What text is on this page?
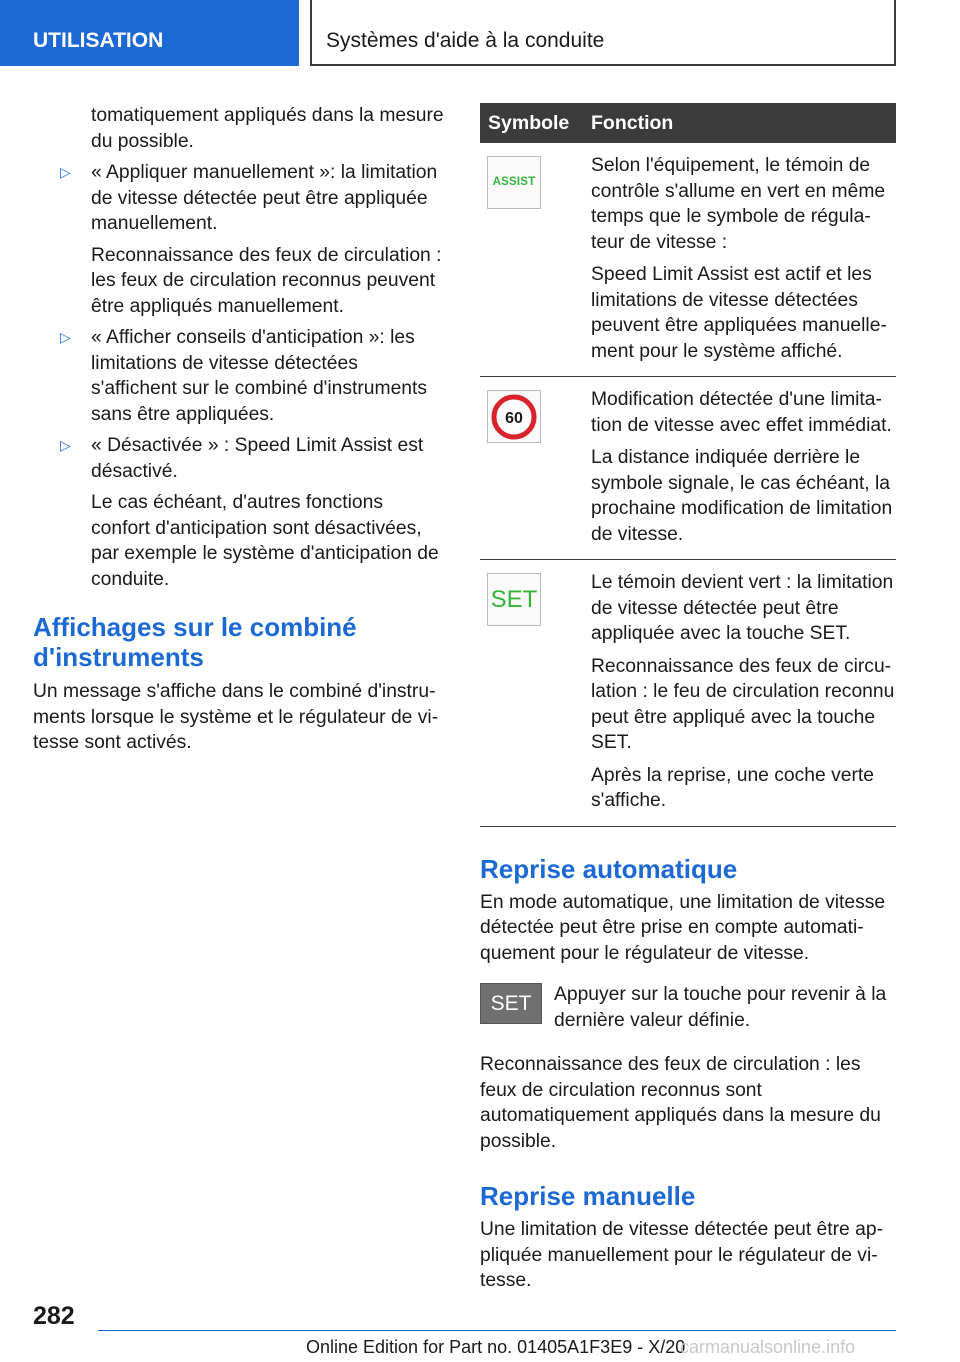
UTILISATION	Systèmes d'aide à la conduite

tomatiquement appliqués dans la mesure du possible.

▷ « Appliquer manuellement »: la limitation de vitesse détectée peut être appliquée manuellement.

Reconnaissance des feux de circulation : les feux de circulation reconnus peuvent être appliqués manuellement.

▷ « Afficher conseils d'anticipation »: les limitations de vitesse détectées s'affichent sur le combiné d'instruments sans être appliquées.
▷ « Désactivée » : Speed Limit Assist est désactivé.

Le cas échéant, d'autres fonctions confort d'anticipation sont désactivées, par exemple le système d'anticipation de conduite.

Affichages sur le combiné d'instruments

Un message s'affiche dans le combiné d'instruments lorsque le système et le régulateur de vitesse sont activés.

Symbole Fonction
ASSIST

Selon l'équipement, le témoin de contrôle s'allume en vert en même temps que le symbole de régulateur de vitesse :

Speed Limit Assist est actif et les limitations de vitesse détectées peuvent être appliquées manuellement pour le système affiché.

60

Modification détectée d'une limitation de vitesse avec effet immédiat.

La distance indiquée derrière le symbole signale, le cas échéant, la prochaine modification de limitation de vitesse.

SET

Le témoin devient vert : la limitation de vitesse détectée peut être appliquée avec la touche SET.

Reconnaissance des feux de circulation : le feu de circulation reconnu peut être appliqué avec la touche SET.

Après la reprise, une coche verte s'affiche.

Reprise automatique

En mode automatique, une limitation de vitesse détectée peut être prise en compte automatiquement pour le régulateur de vitesse.

SET	Appuyer sur la touche pour revenir à la dernière valeur définie.

Reconnaissance des feux de circulation : les feux de circulation reconnus sont automatiquement appliqués dans la mesure du possible.

Reprise manuelle

Une limitation de vitesse détectée peut être appliquée manuellement pour le régulateur de vitesse.

282
Online Edition for Part no. 01405A1F3E9 - X/20
carmanualsonline.info
